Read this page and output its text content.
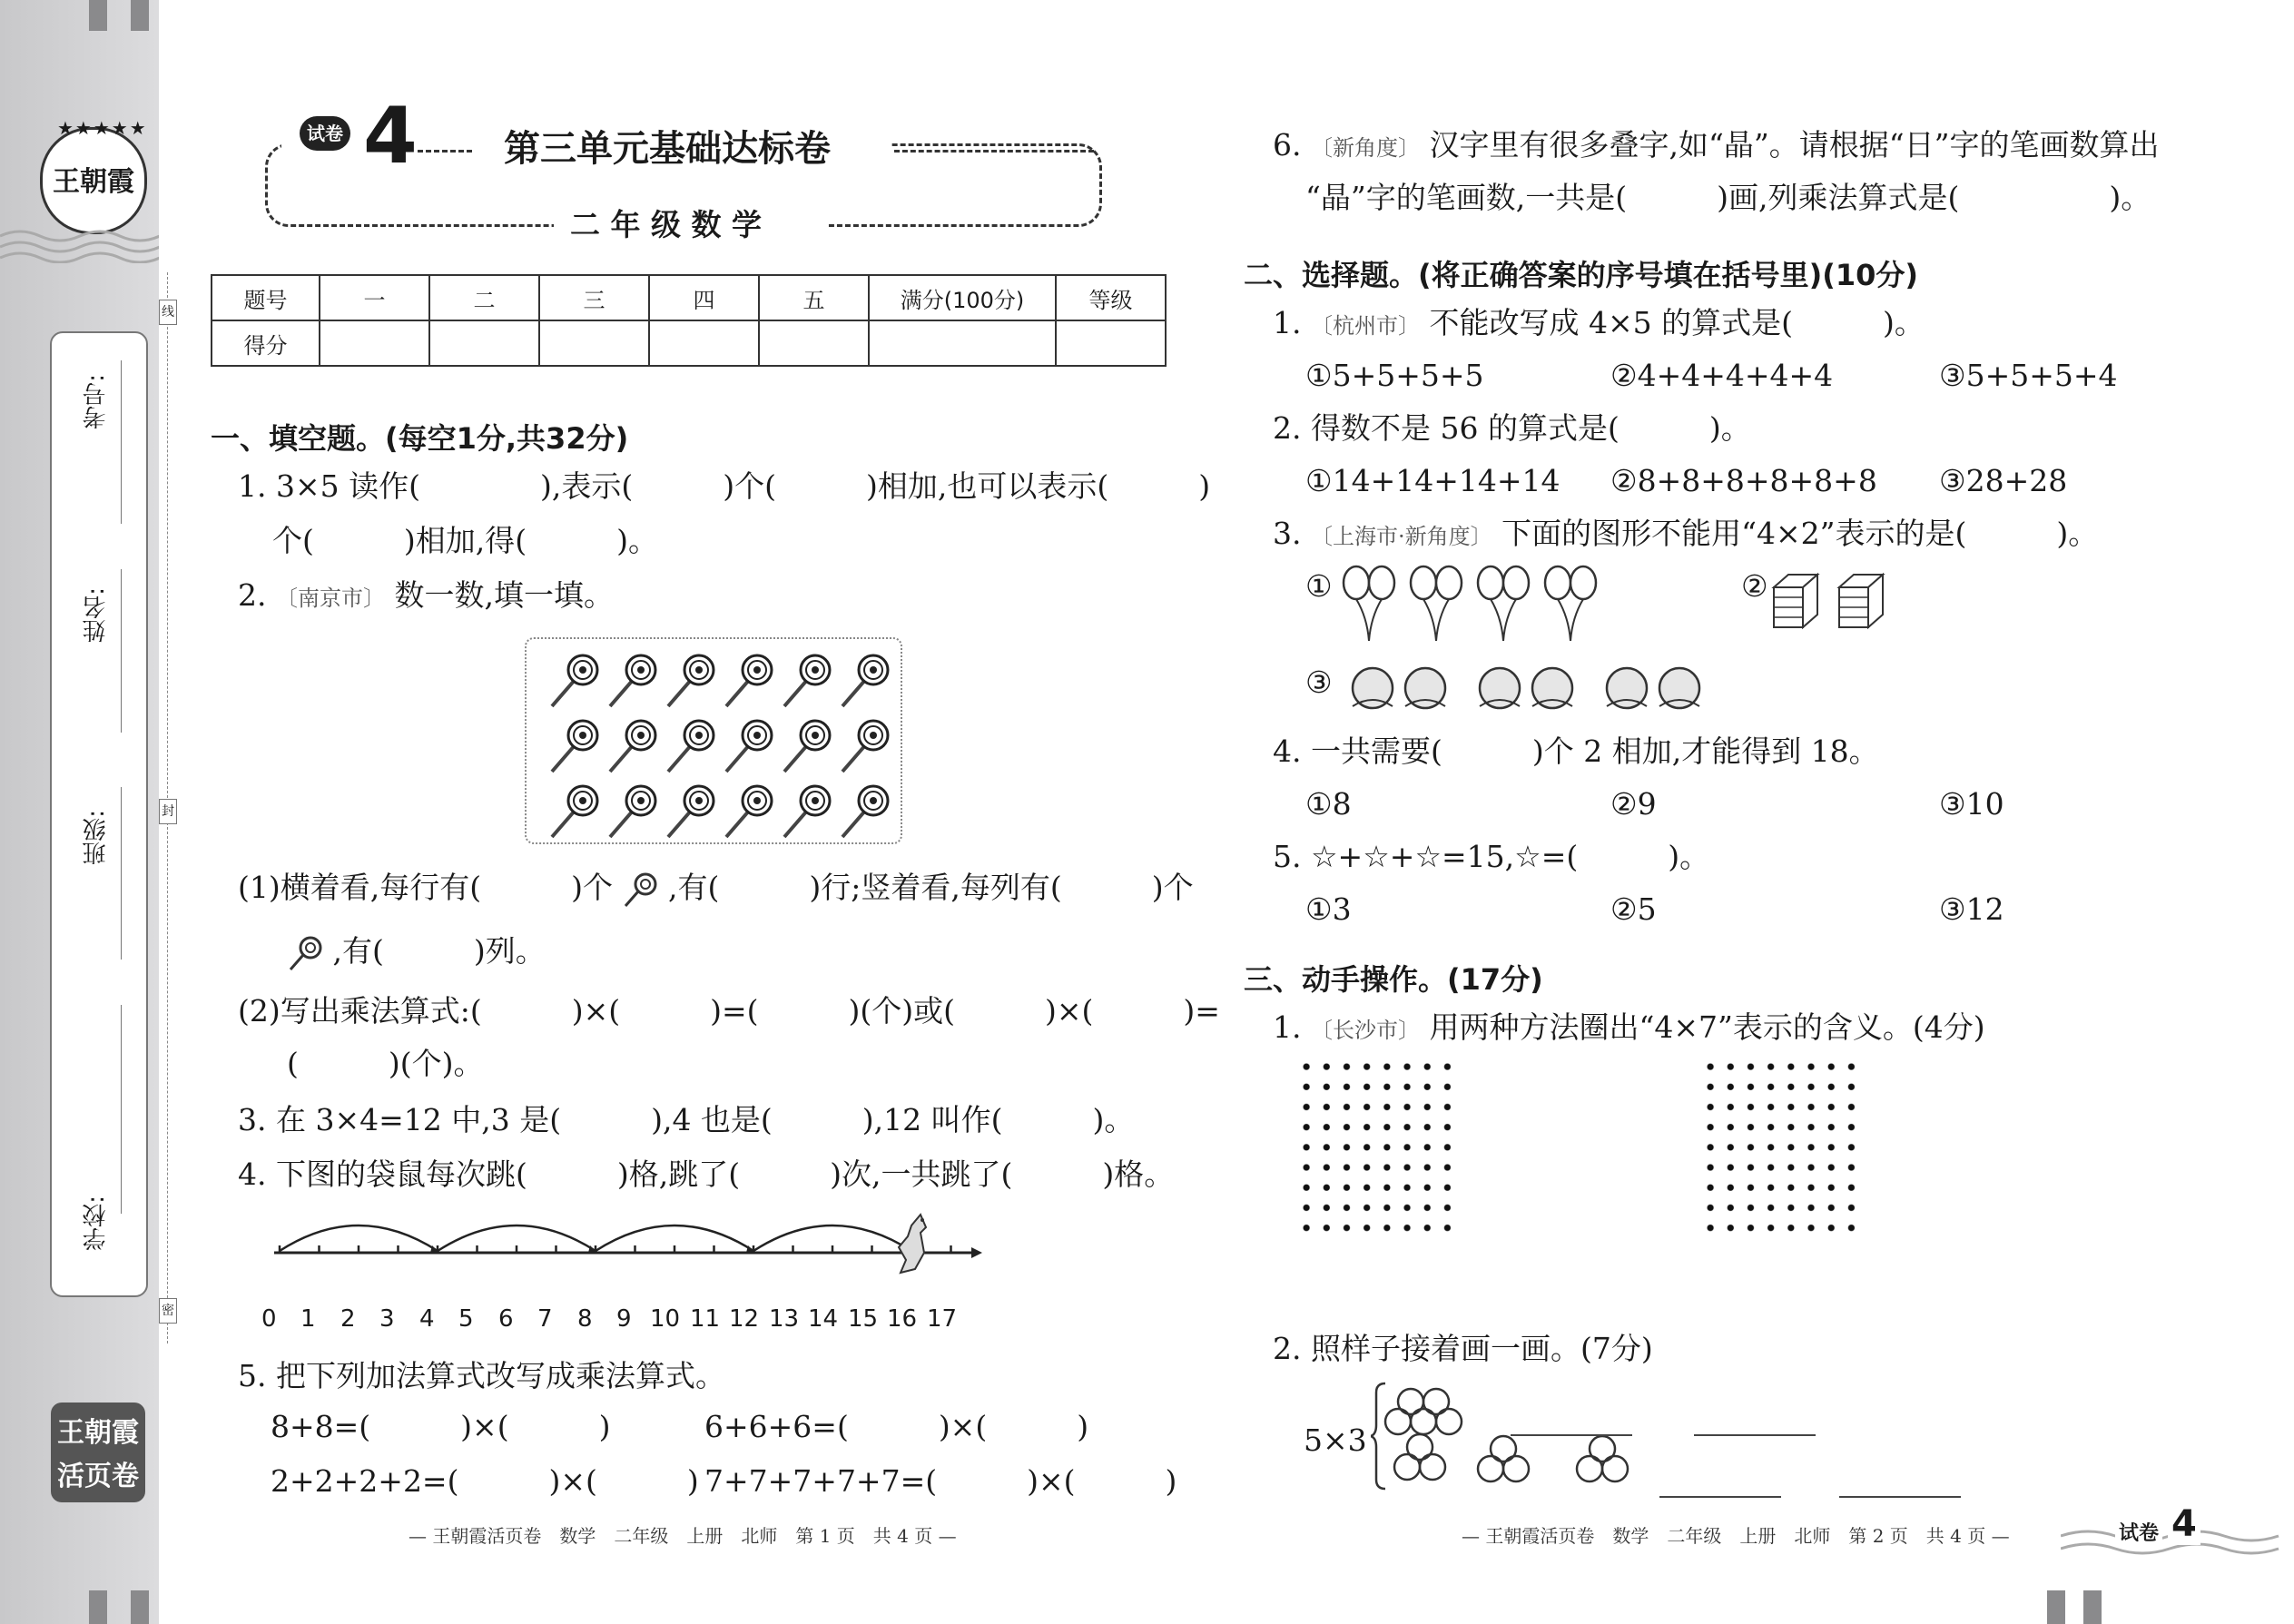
★★★★★
王朝霞
考号:
姓名:
班级:
学校:
线
封
密
王朝霞
活页卷
试卷 4 第三单元基础达标卷
二 年 级 数 学
题号	一	二	三	四	五	满分(100分)	等级
得分							
一、填空题。(每空1分,共32分)
1. 3×5 读作(　　　　),表示(　　　)个(　　　)相加,也可以表示(　　　)
个(　　　)相加,得(　　　)。
2. 〔南京市〕 数一数,填一填。
(1)横着看,每行有(　　　)个 ,有(　　　)行;竖着看,每列有(　　　)个
,有(　　　)列。
(2)写出乘法算式:(　　　)×(　　　)=(　　　)(个)或(　　　)×(　　　)=
(　　　)(个)。
3. 在 3×4=12 中,3 是(　　　),4 也是(　　　),12 叫作(　　　)。
4. 下图的袋鼠每次跳(　　　)格,跳了(　　　)次,一共跳了(　　　)格。
0 1 2 3 4 5 6 7 8 9 10 11 12 13 14 15 16 17
5. 把下列加法算式改写成乘法算式。
8+8=(　　　)×(　　　)	6+6+6=(　　　)×(　　　)
2+2+2+2=(　　　)×(　　　) 7+7+7+7+7=(　　　)×(　　　)
— 王朝霞活页卷　数学　二年级　上册　北师　第 1 页　共 4 页 —
6. 〔新角度〕 汉字里有很多叠字,如“晶”。请根据“日”字的笔画数算出
“晶”字的笔画数,一共是(　　　)画,列乘法算式是(　　　　　)。
二、选择题。(将正确答案的序号填在括号里)(10分)
1. 〔杭州市〕 不能改写成 4×5 的算式是(　　　)。
①5+5+5+5	②4+4+4+4+4	③5+5+5+4
2. 得数不是 56 的算式是(　　　)。
①14+14+14+14 ②8+8+8+8+8+8 ③28+28
3. 〔上海市·新角度〕 下面的图形不能用“4×2”表示的是(　　　)。
①	②
③
4. 一共需要(　　　)个 2 相加,才能得到 18。
①8	②9	③10
5. ☆+☆+☆=15,☆=(　　　)。
①3	②5	③12
三、动手操作。(17分)
1. 〔长沙市〕 用两种方法圈出“4×7”表示的含义。(4分)
2. 照样子接着画一画。(7分)
5×3
— 王朝霞活页卷　数学　二年级　上册　北师　第 2 页　共 4 页 —	试卷 4
